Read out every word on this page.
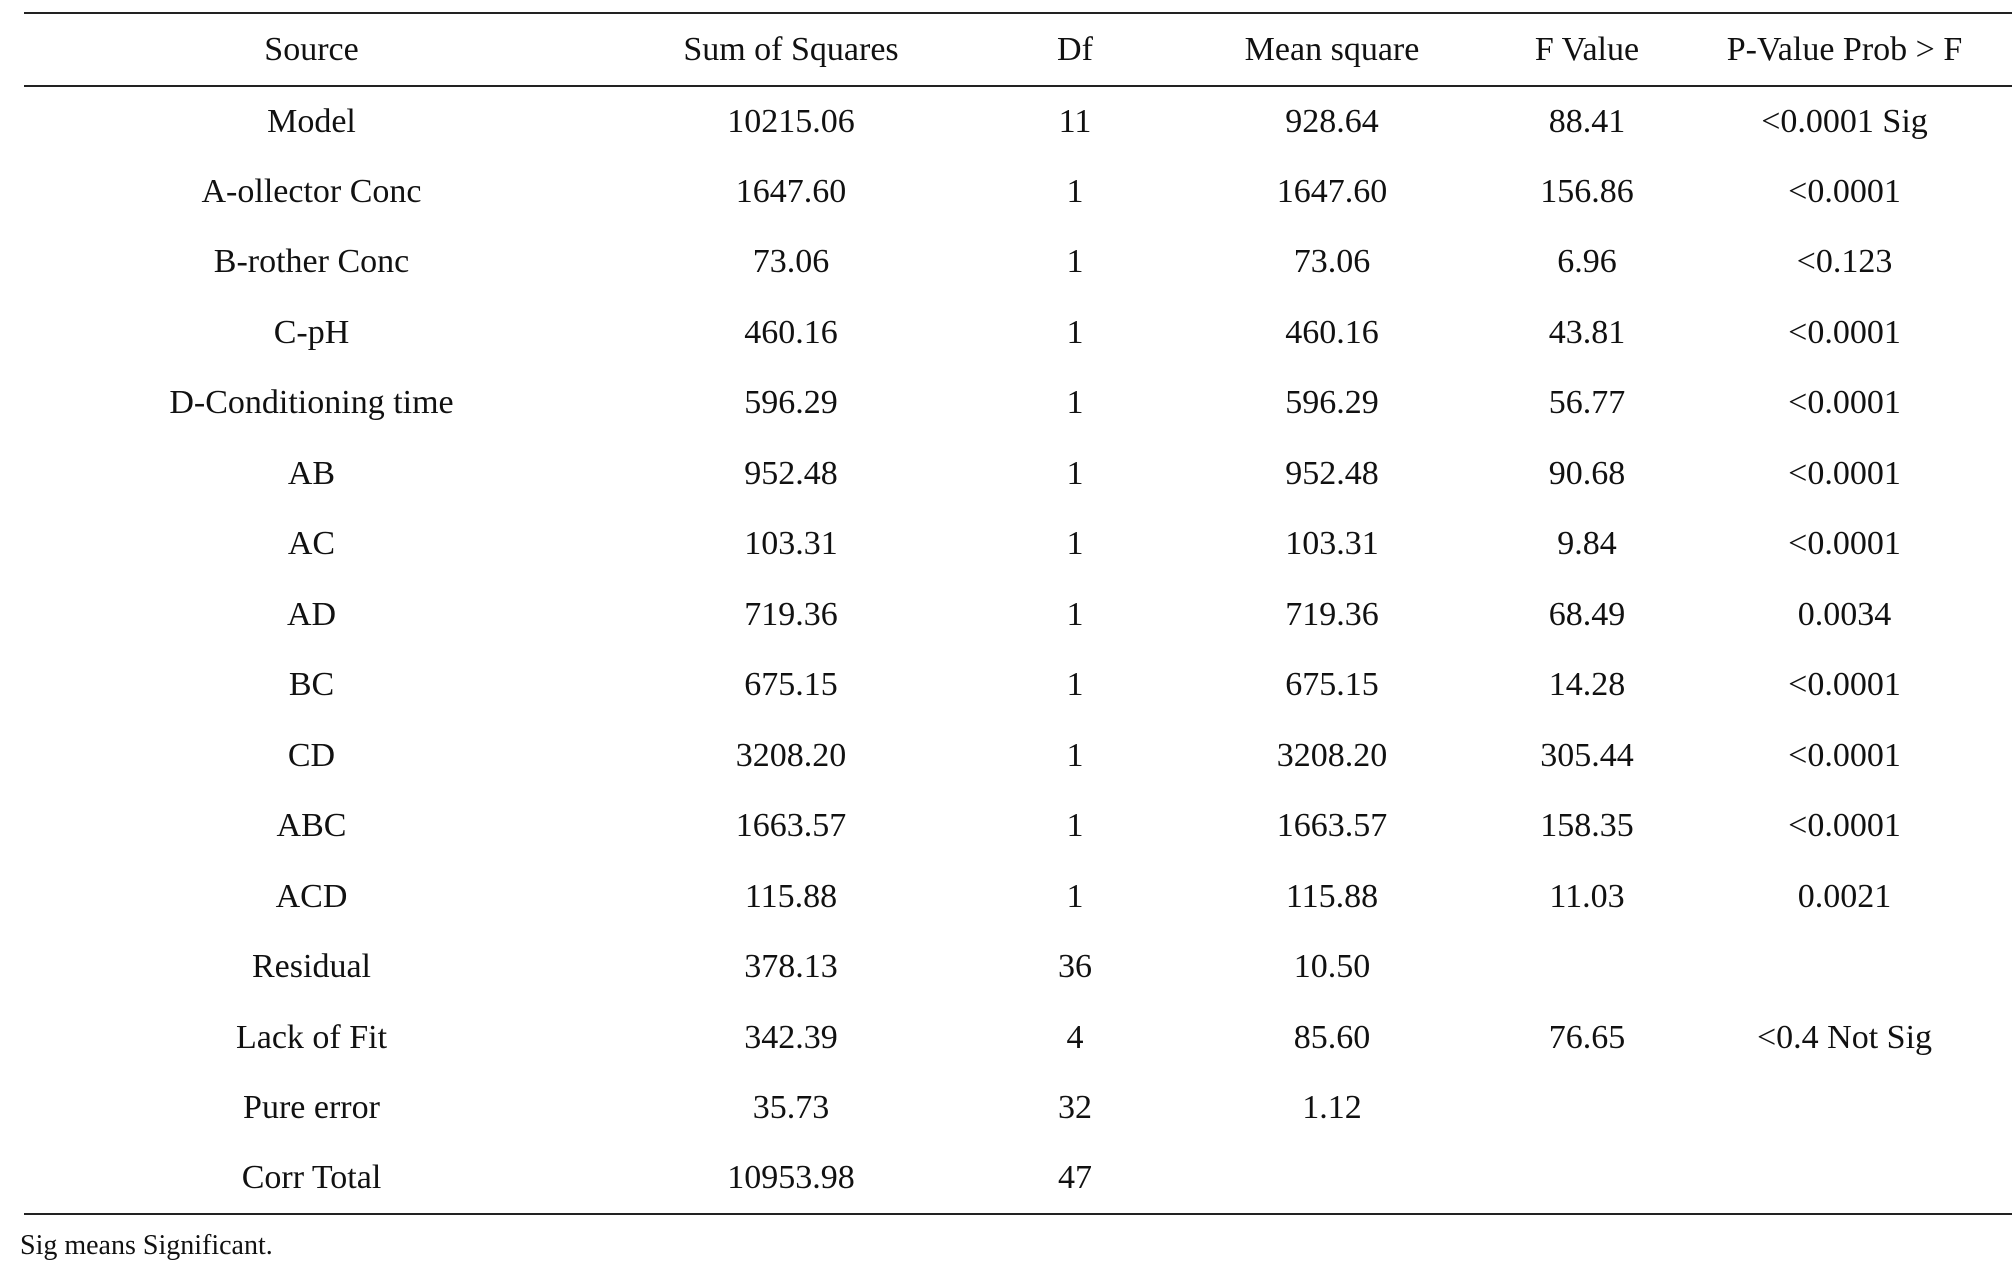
Source	Sum of Squares	Df	Mean square	F Value	P-Value Prob > F
Model	10215.06	11	928.64	88.41	<0.0001 Sig
A-ollector Conc	1647.60	1	1647.60	156.86	<0.0001
B-rother Conc	73.06	1	73.06	6.96	<0.123
C-pH	460.16	1	460.16	43.81	<0.0001
D-Conditioning time	596.29	1	596.29	56.77	<0.0001
AB	952.48	1	952.48	90.68	<0.0001
AC	103.31	1	103.31	9.84	<0.0001
AD	719.36	1	719.36	68.49	0.0034
BC	675.15	1	675.15	14.28	<0.0001
CD	3208.20	1	3208.20	305.44	<0.0001
ABC	1663.57	1	1663.57	158.35	<0.0001
ACD	115.88	1	115.88	11.03	0.0021
Residual	378.13	36	10.50		
Lack of Fit	342.39	4	85.60	76.65	<0.4 Not Sig
Pure error	35.73	32	1.12		
Corr Total	10953.98	47			
Sig means Significant.
